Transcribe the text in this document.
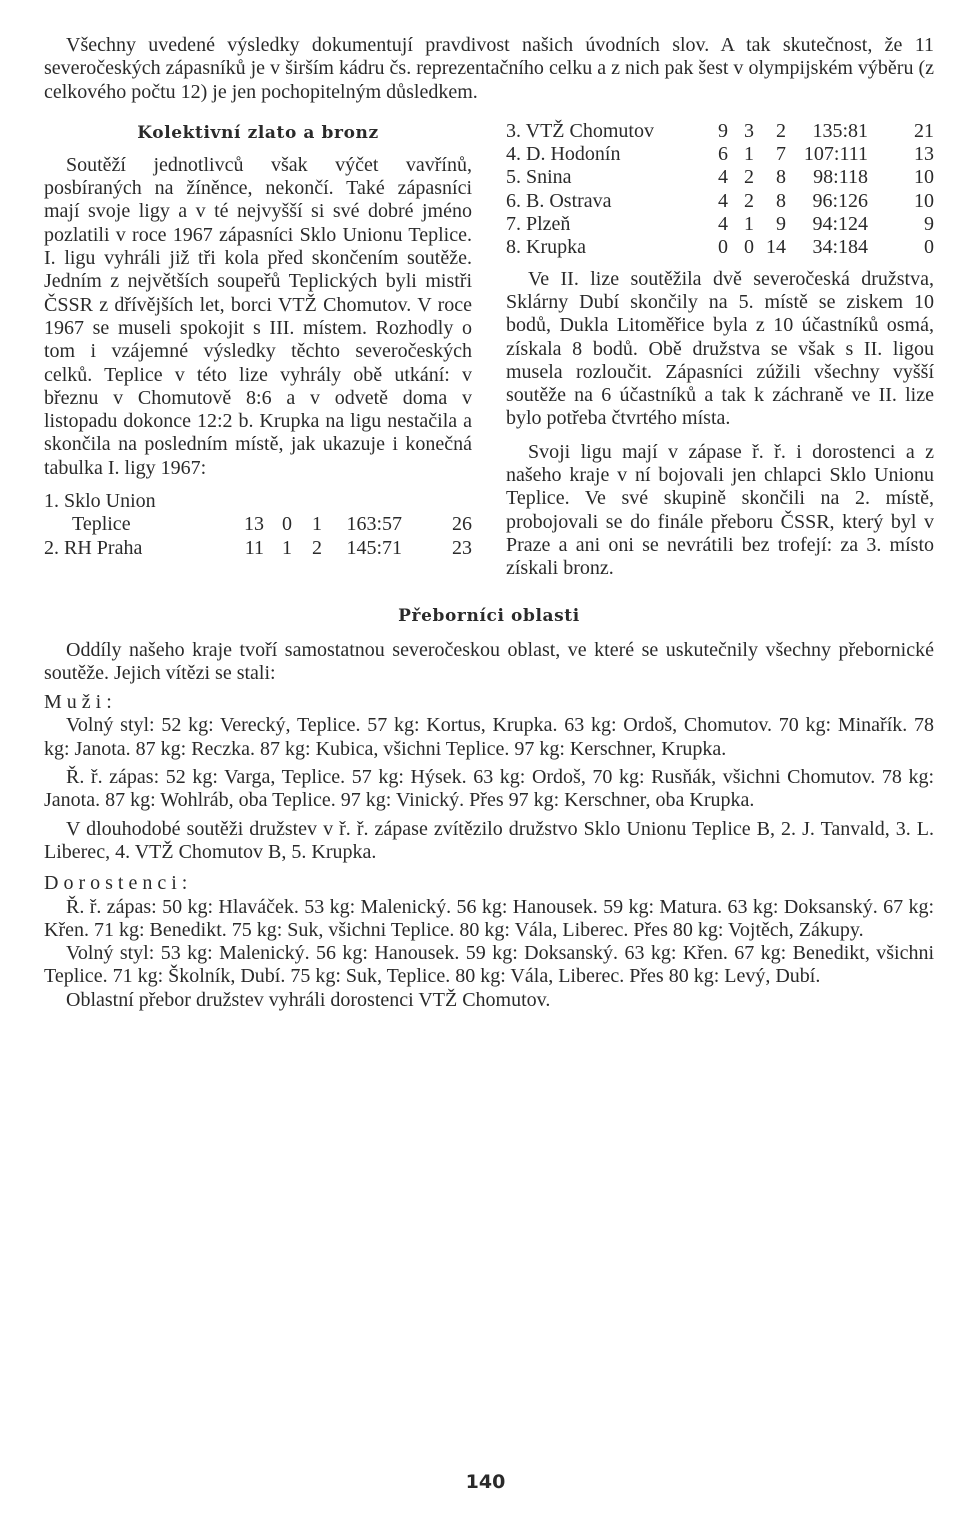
Všechny uvedené výsledky dokumentují pravdivost našich úvodních slov. A tak skutečnost, že 11 severočeských zápasníků je v širším kádru čs. reprezentačního celku a z nich pak šest v olympijském výběru (z celkového počtu 12) je jen pochopitelným důsledkem.

Kolektivní zlato a bronz

Soutěží jednotlivců však výčet vavřínů, posbíraných na žíněnce, nekončí. Také zápasníci mají svoje ligy a v té nejvyšší si své dobré jméno pozlatili v roce 1967 zápasníci Sklo Unionu Teplice. I. ligu vyhráli již tři kola před skončením soutěže. Jedním z největších soupeřů Teplických byli mistři ČSSR z dřívějších let, borci VTŽ Chomutov. V roce 1967 se museli spokojit s III. místem. Rozhodly o tom i vzájemné výsledky těchto severočeských celků. Teplice v této lize vyhrály obě utkání: v březnu v Chomutově 8:6 a v odvetě doma v listopadu dokonce 12:2 b. Krupka na ligu nestačila a skončila na posledním místě, jak ukazuje i konečná tabulka I. ligy 1967:

1. Sklo Union					
Teplice	13	0	1	163:57	26
2. RH Praha	11	1	2	145:71	23
3. VTŽ Chomutov	9	3	2	135:81	21
4. D. Hodonín	6	1	7	107:111	13
5. Snina	4	2	8	98:118	10
6. B. Ostrava	4	2	8	96:126	10
7. Plzeň	4	1	9	94:124	9
8. Krupka	0	0	14	34:184	0

Ve II. lize soutěžila dvě severočeská družstva, Sklárny Dubí skončily na 5. místě se ziskem 10 bodů, Dukla Litoměřice byla z 10 účastníků osmá, získala 8 bodů. Obě družstva se však s II. ligou musela rozloučit. Zápasníci zúžili všechny vyšší soutěže na 6 účastníků a tak k záchraně ve II. lize bylo potřeba čtvrtého místa.

Svoji ligu mají v zápase ř. ř. i dorostenci a z našeho kraje v ní bojovali jen chlapci Sklo Unionu Teplice. Ve své skupině skončili na 2. místě, probojovali se do finále přeboru ČSSR, který byl v Praze a ani oni se nevrátili bez trofejí: za 3. místo získali bronz.

Přeborníci oblasti

Oddíly našeho kraje tvoří samostatnou severočeskou oblast, ve které se uskutečnily všechny přebornické soutěže. Jejich vítězi se stali:

Muži:

Volný styl: 52 kg: Verecký, Teplice. 57 kg: Kortus, Krupka. 63 kg: Ordoš, Chomutov. 70 kg: Minařík. 78 kg: Janota. 87 kg: Reczka. 87 kg: Kubica, všichni Teplice. 97 kg: Kerschner, Krupka.

Ř. ř. zápas: 52 kg: Varga, Teplice. 57 kg: Hýsek. 63 kg: Ordoš, 70 kg: Rusňák, všichni Chomutov. 78 kg: Janota. 87 kg: Wohlráb, oba Teplice. 97 kg: Vinický. Přes 97 kg: Kerschner, oba Krupka.

V dlouhodobé soutěži družstev v ř. ř. zápase zvítězilo družstvo Sklo Unionu Teplice B, 2. J. Tanvald, 3. L. Liberec, 4. VTŽ Chomutov B, 5. Krupka.

Dorostenci:

Ř. ř. zápas: 50 kg: Hlaváček. 53 kg: Malenický. 56 kg: Hanousek. 59 kg: Matura. 63 kg: Doksanský. 67 kg: Křen. 71 kg: Benedikt. 75 kg: Suk, všichni Teplice. 80 kg: Vála, Liberec. Přes 80 kg: Vojtěch, Zákupy.

Volný styl: 53 kg: Malenický. 56 kg: Hanousek. 59 kg: Doksanský. 63 kg: Křen. 67 kg: Benedikt, všichni Teplice. 71 kg: Školník, Dubí. 75 kg: Suk, Teplice. 80 kg: Vála, Liberec. Přes 80 kg: Levý, Dubí.

Oblastní přebor družstev vyhráli dorostenci VTŽ Chomutov.

140
